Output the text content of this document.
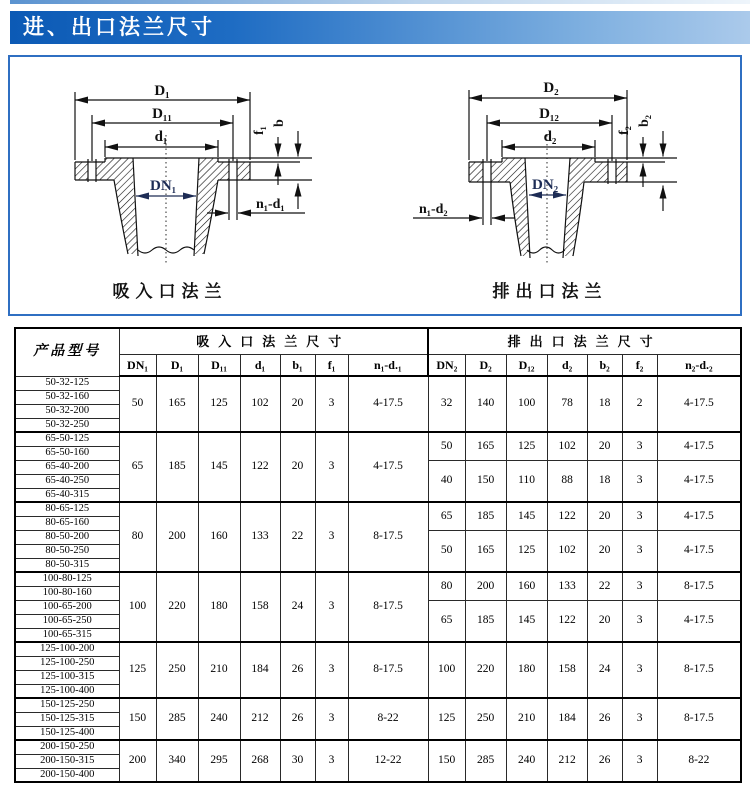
进、出口法兰尺寸
D₁
D₁₁
d₁
DN₁
f₁
b
n₁-d₁
吸入口法兰
D₂
D₁₂
d₂
DN₂
f₂
b₂
n₁-d₂
排出口法兰
产品型号	吸入口法兰尺寸							排出口法兰尺寸						
	DN₁	D₁	D₁₁	d₁	b₁	f₁	n₁-d.₁	DN₂	D₂	D₁₂	d₂	b₂	f₂	n₂-d.₂
50-32-125	50	165	125	102	20	3	4-17.5	32	140	100	78	18	2	4-17.5
50-32-160														
50-32-200														
50-32-250														
65-50-125	65	185	145	122	20	3	4-17.5	50	165	125	102	20	3	4-17.5
65-50-160														
65-40-200								40	150	110	88	18	3	4-17.5
65-40-250														
65-40-315														
80-65-125	80	200	160	133	22	3	8-17.5	65	185	145	122	20	3	4-17.5
80-65-160														
80-50-200								50	165	125	102	20	3	4-17.5
80-50-250														
80-50-315														
100-80-125	100	220	180	158	24	3	8-17.5	80	200	160	133	22	3	8-17.5
100-80-160														
100-65-200								65	185	145	122	20	3	4-17.5
100-65-250														
100-65-315														
125-100-200	125	250	210	184	26	3	8-17.5	100	220	180	158	24	3	8-17.5
125-100-250														
125-100-315														
125-100-400														
150-125-250	150	285	240	212	26	3	8-22	125	250	210	184	26	3	8-17.5
150-125-315														
150-125-400														
200-150-250	200	340	295	268	30	3	12-22	150	285	240	212	26	3	8-22
200-150-315														
200-150-400														
